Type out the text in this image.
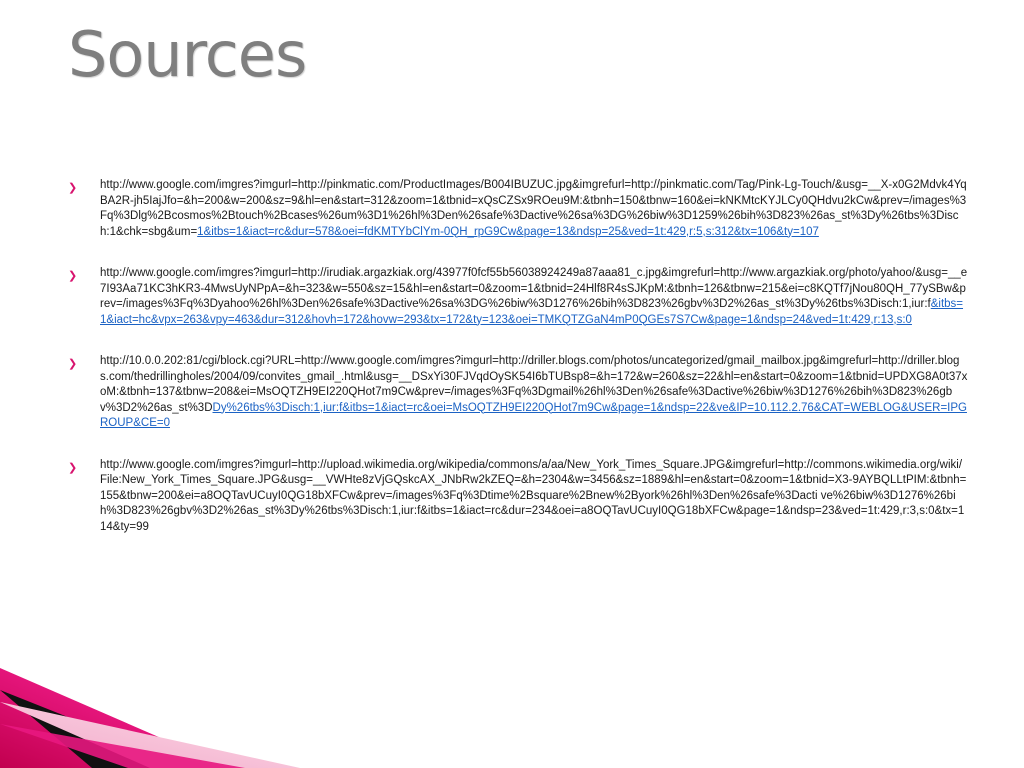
Sources
❯	http://www.google.com/imgres?imgurl=http://pinkmatic.com/ProductImages/B004IBUZUC.jpg&imgrefurl=http://pinkmatic.com/Tag/Pink-Lg-Touch/&usg=__X-x0G2Mdvk4YqBA2R-jh5IajJfo=&h=200&w=200&sz=9&hl=en&start=312&zoom=1&tbnid=xQsCZSx9ROeu9M:&tbnh=150&tbnw=160&ei=kNKMtcKYJLCy0QHdvu2kCw&prev=/images%3Fq%3Dlg%2Bcosmos%2Btouch%2Bcases%26um%3D1%26hl%3Den%26safe%3Dactive%26sa%3DG%26biw%3D1259%26bih%3D823%26as_st%3Dy%26tbs%3Disch:1&chk=sbg&um=1&itbs=1&iact=rc&dur=578&oei=fdKMTYbClYm-0QH_rpG9Cw&page=13&ndsp=25&ved=1t:429,r:5,s:312&tx=106&ty=107
❯	http://www.google.com/imgres?imgurl=http://irudiak.argazkiak.org/43977f0fcf55b56038924249a87aaa81_c.jpg&imgrefurl=http://www.argazkiak.org/photo/yahoo/&usg=__e7I93Aa71KC3hKR3-4MwsUyNPpA=&h=323&w=550&sz=15&hl=en&start=0&zoom=1&tbnid=24Hlf8R4sSJKpM:&tbnh=126&tbnw=215&ei=c8KQTf7jNou80QH_77ySBw&prev=/images%3Fq%3Dyahoo%26hl%3Den%26safe%3Dactive%26sa%3DG%26biw%3D1276%26bih%3D823%26gbv%3D2%26as_st%3Dy%26tbs%3Disch:1,iur:f&itbs=1&iact=hc&vpx=263&vpy=463&dur=312&hovh=172&hovw=293&tx=172&ty=123&oei=TMKQTZGaN4mP0QGEs7S7Cw&page=1&ndsp=24&ved=1t:429,r:13,s:0
❯	http://10.0.0.202:81/cgi/block.cgi?URL=http://www.google.com/imgres?imgurl=http://driller.blogs.com/photos/uncategorized/gmail_mailbox.jpg&imgrefurl=http://driller.blogs.com/thedrillingholes/2004/09/convites_gmail_.html&usg=__DSxYi30FJVqdOySK54I6bTUBsp8=&h=172&w=260&sz=22&hl=en&start=0&zoom=1&tbnid=UPDXG8A0t37xoM:&tbnh=137&tbnw=208&ei=MsOQTZH9EI220QHot7m9Cw&prev=/images%3Fq%3Dgmail%26hl%3Den%26safe%3Dactive%26biw%3D1276%26bih%3D823%26gbv%3D2%26as_st%3DDy%26tbs%3Disch:1,iur:f&itbs=1&iact=rc&oei=MsOQTZH9EI220QHot7m9Cw&page=1&ndsp=22&ve&IP=10.112.2.76&CAT=WEBLOG&USER=IPGROUP&CE=0
❯	http://www.google.com/imgres?imgurl=http://upload.wikimedia.org/wikipedia/commons/a/aa/New_York_Times_Square.JPG&imgrefurl=http://commons.wikimedia.org/wiki/File:New_York_Times_Square.JPG&usg=__VWHte8zVjGQskcAX_JNbRw2kZEQ=&h=2304&w=3456&sz=1889&hl=en&start=0&zoom=1&tbnid=X3-9AYBQLLtPIM:&tbnh=155&tbnw=200&ei=a8OQTavUCuyI0QG18bXFCw&prev=/images%3Fq%3Dtime%2Bsquare%2Bnew%2Byork%26hl%3Den%26safe%3Dacti ve%26biw%3D1276%26bih%3D823%26gbv%3D2%26as_st%3Dy%26tbs%3Disch:1,iur:f&itbs=1&iact=rc&dur=234&oei=a8OQTavUCuyI0QG18bXFCw&page=1&ndsp=23&ved=1t:429,r:3,s:0&tx=114&ty=99
